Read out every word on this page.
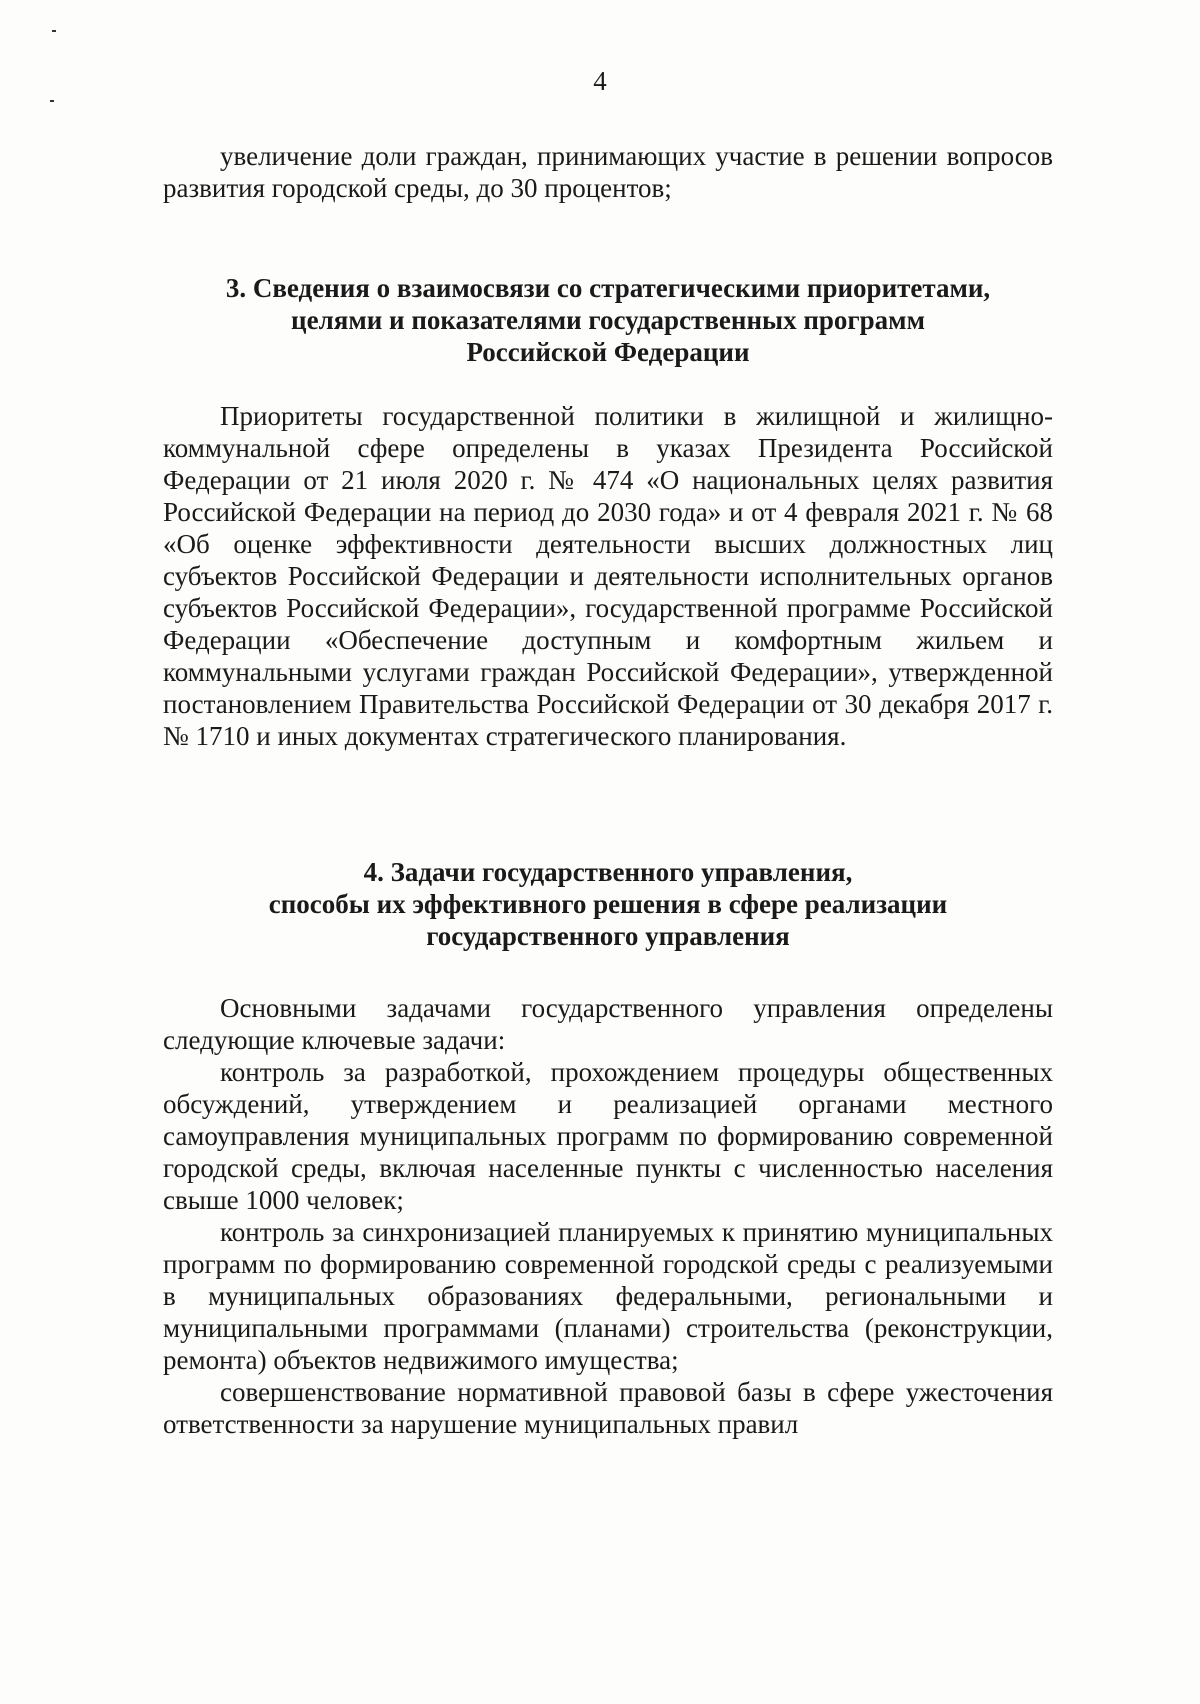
4

увеличение доли граждан, принимающих участие в решении вопросов развития городской среды, до 30 процентов;

3. Сведения о взаимосвязи со стратегическими приоритетами,
целями и показателями государственных программ
Российской Федерации

Приоритеты государственной политики в жилищной и жилищно-коммунальной сфере определены в указах Президента Российской Федерации от 21 июля 2020 г. № 474 «О национальных целях развития Российской Федерации на период до 2030 года» и от 4 февраля 2021 г. № 68 «Об оценке эффективности деятельности высших должностных лиц субъектов Российской Федерации и деятельности исполнительных органов субъектов Российской Федерации», государственной программе Российской Федерации «Обеспечение доступным и комфортным жильем и коммунальными услугами граждан Российской Федерации», утвержденной постановлением Правительства Российской Федерации от 30 декабря 2017 г. № 1710 и иных документах стратегического планирования.

4. Задачи государственного управления,
способы их эффективного решения в сфере реализации
государственного управления

Основными задачами государственного управления определены следующие ключевые задачи:

контроль за разработкой, прохождением процедуры общественных обсуждений, утверждением и реализацией органами местного самоуправления муниципальных программ по формированию современной городской среды, включая населенные пункты с численностью населения свыше 1000 человек;

контроль за синхронизацией планируемых к принятию муниципальных программ по формированию современной городской среды с реализуемыми в муниципальных образованиях федеральными, региональными и муниципальными программами (планами) строительства (реконструкции, ремонта) объектов недвижимого имущества;

совершенствование нормативной правовой базы в сфере ужесточения ответственности за нарушение муниципальных правил
